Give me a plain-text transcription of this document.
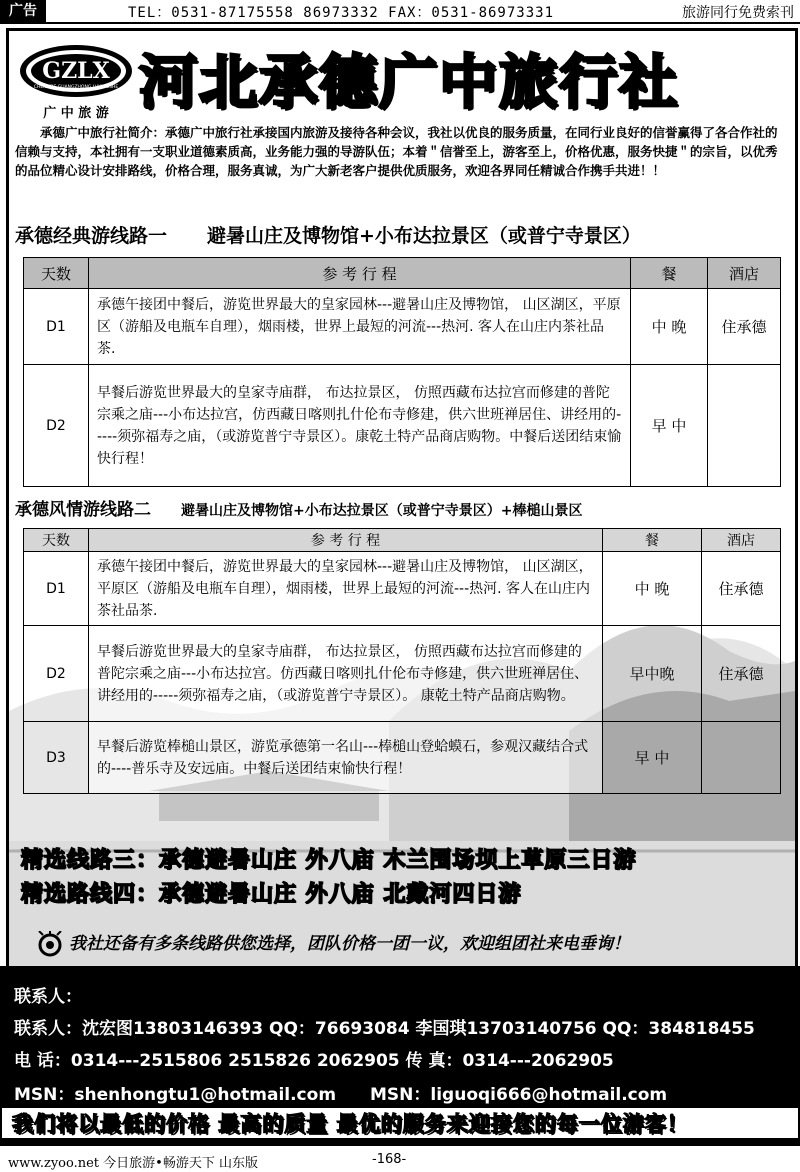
广告	TEL：0531-87175558 86973332 FAX：0531-86973331	旅游同行免费索刊
GZLX
CHENGDE GUANGZHONG LVXINGSHE
广 中 旅 游 河北承德广中旅行社
承德广中旅行社简介：承德广中旅行社承接国内旅游及接待各种会议，我社以优良的服务质量，在同行业良好的信誉赢得了各合作社的信赖与支持，本社拥有一支职业道德素质高，业务能力强的导游队伍；本着＂信誉至上，游客至上，价格优惠，服务快捷＂的宗旨，以优秀的品位精心设计安排路线，价格合理，服务真诚，为广大新老客户提供优质服务，欢迎各界同任精诚合作携手共进！！
承德经典游线路一 避暑山庄及博物馆+小布达拉景区（或普宁寺景区）
天数	参 考 行 程	餐	酒店
D1	承德午接团中餐后，游览世界最大的皇家园林---避暑山庄及博物馆， 山区湖区，平原区（游船及电瓶车自理），烟雨楼，世界上最短的河流---热河. 客人在山庄内茶社品茶.	中 晚	住承德
D2	早餐后游览世界最大的皇家寺庙群， 布达拉景区， 仿照西藏布达拉宫而修建的普陀宗乘之庙---小布达拉宫，仿西藏日喀则扎什伦布寺修建，供六世班禅居住、讲经用的-----须弥福寿之庙，（或游览普宁寺景区）。康乾土特产品商店购物。中餐后送团结束愉快行程！	早 中	
承德风情游线路二 避暑山庄及博物馆+小布达拉景区（或普宁寺景区）+棒槌山景区
天数	参 考 行 程	餐	酒店
D1	承德午接团中餐后，游览世界最大的皇家园林---避暑山庄及博物馆， 山区湖区，平原区（游船及电瓶车自理），烟雨楼，世界上最短的河流---热河. 客人在山庄内茶社品茶.	中 晚	住承德
D2	早餐后游览世界最大的皇家寺庙群， 布达拉景区， 仿照西藏布达拉宫而修建的普陀宗乘之庙---小布达拉宫。仿西藏日喀则扎什伦布寺修建，供六世班禅居住、讲经用的-----须弥福寿之庙，（或游览普宁寺景区）。 康乾土特产品商店购物。	早中晚	住承德
D3	早餐后游览棒槌山景区，游览承德第一名山---棒槌山登蛤蟆石，参观汉藏结合式的----普乐寺及安远庙。中餐后送团结束愉快行程！	早 中	
精选线路三：承德避暑山庄 外八庙 木兰围场坝上草原三日游
精选路线四：承德避暑山庄 外八庙 北戴河四日游
我社还备有多条线路供您选择，团队价格一团一议，欢迎组团社来电垂询！
联系人：
联系人：沈宏图13803146393 QQ：76693084 李国琪13703140756 QQ：384818455
电 话：0314---2515806 2515826 2062905 传 真：0314---2062905
MSN：shenhongtu1@hotmail.com MSN：liguoqi666@hotmail.com
我们将以最低的价格 最高的质量 最优的服务来迎接您的每一位游客！
www.zyoo.net 今日旅游•畅游天下 山东版	-168-
